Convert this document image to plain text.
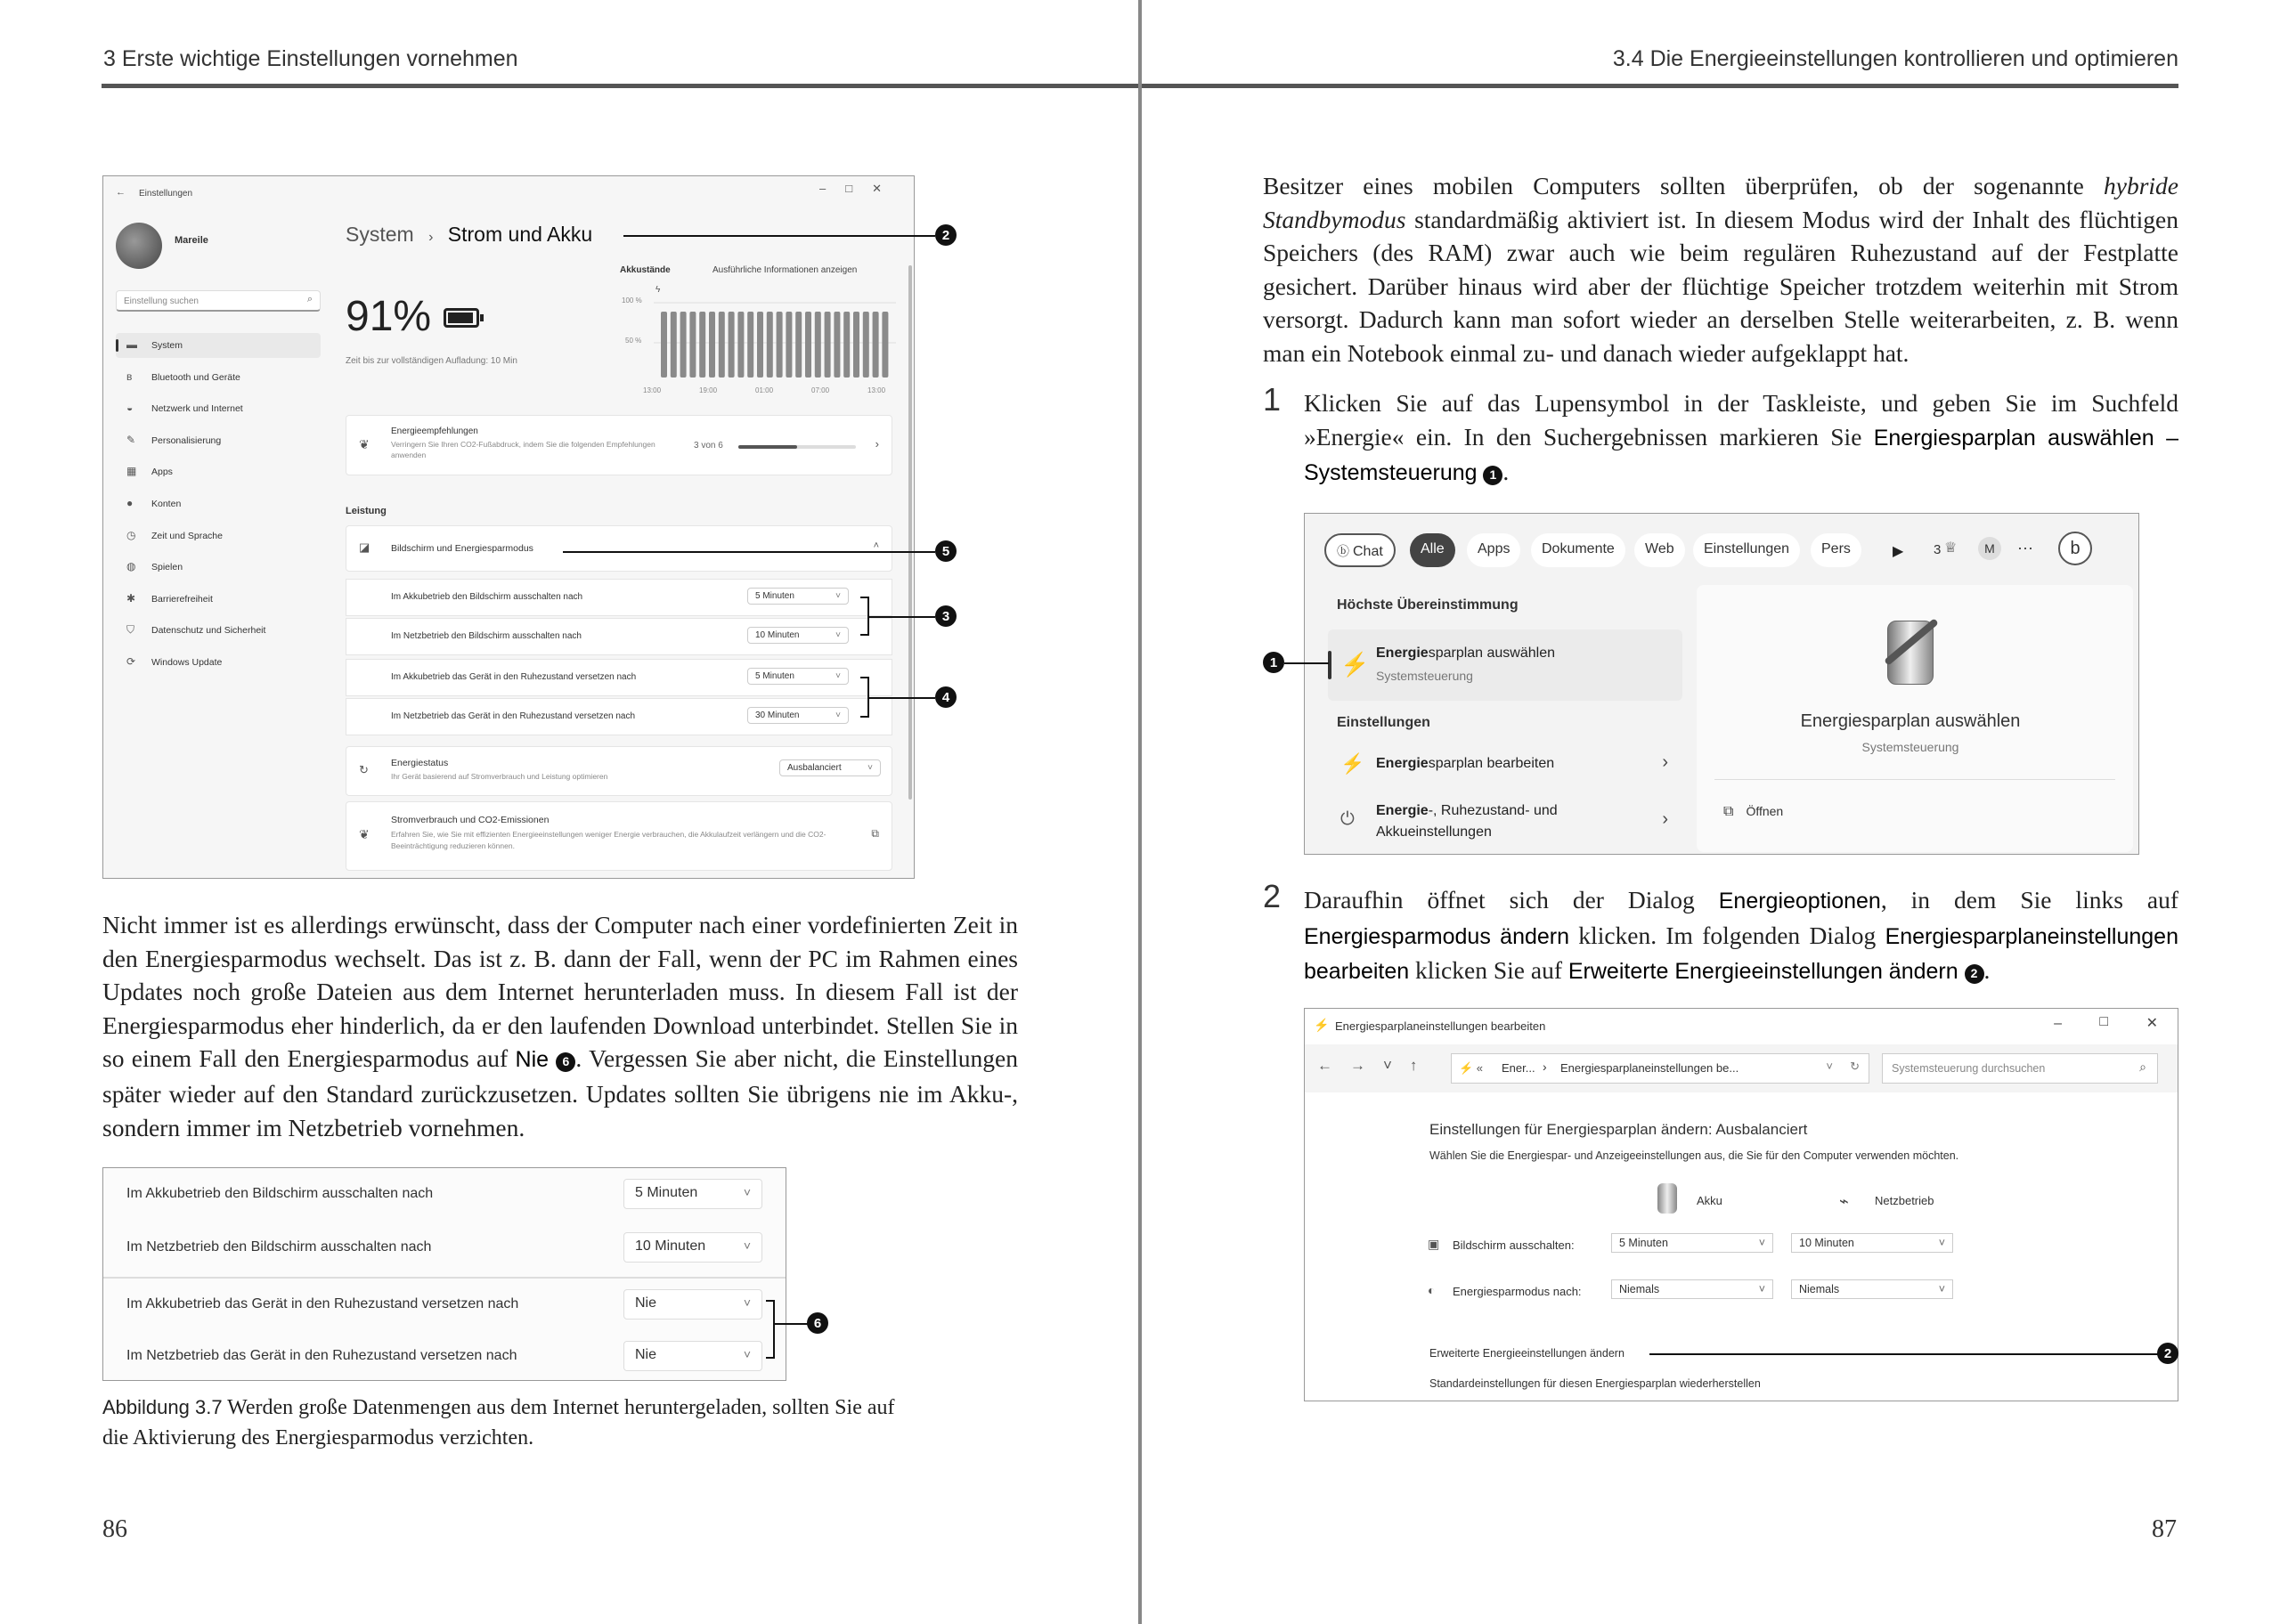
3 Erste wichtige Einstellungen vornehmen
← Einstellungen	–□✕
Mareile
Einstellung suchen	⌕
▬ System
ʙ Bluetooth und Geräte
◒ Netzwerk und Internet
✎ Personalisierung
▦ Apps
● Konten
◷ Zeit und Sprache
◍ Spielen
✱ Barrierefreiheit
⛉ Datenschutz und Sicherheit
⟳ Windows Update
System › Strom und Akku
91%
Zeit bis zur vollständigen Aufladung: 10 Min
Akkustände	Ausführliche Informationen anzeigen
100 %
50 %
ϟ
13:00	19:00	01:00	07:00	13:00
❦
Energieempfehlungen
Verringern Sie Ihren CO2-Fußabdruck, indem Sie die folgenden Empfehlungen anwenden
3 von 6	›
Leistung
◪ Bildschirm und Energiesparmodus	˄
Im Akkubetrieb den Bildschirm ausschalten nach	5 Minuten	˅
Im Netzbetrieb den Bildschirm ausschalten nach	10 Minuten	˅
Im Akkubetrieb das Gerät in den Ruhezustand versetzen nach	5 Minuten	˅
Im Netzbetrieb das Gerät in den Ruhezustand versetzen nach	30 Minuten	˅
↻ Energiestatus
Ihr Gerät basierend auf Stromverbrauch und Leistung optimieren
Ausbalanciert	˅
❦
Stromverbrauch und CO2-Emissionen
Erfahren Sie, wie Sie mit effizienten Energieeinstellungen weniger Energie verbrauchen, die Akkulaufzeit verlängern und die CO2-Beeinträchtigung reduzieren können.
⧉
2
5
3
4
Nicht immer ist es allerdings erwünscht, dass der Computer nach einer vordefinierten Zeit in den Energiesparmodus wechselt. Das ist z. B. dann der Fall, wenn der PC im Rahmen eines Updates noch große Dateien aus dem Internet herunterladen muss. In diesem Fall ist der Energiesparmodus eher hinderlich, da er den laufenden Download unterbindet. Stellen Sie in so einem Fall den Energiesparmodus auf Nie 6 . Vergessen Sie aber nicht, die Einstellungen später wieder auf den Standard zurückzusetzen. Updates sollten Sie übrigens nie im Akku-, sondern immer im Netzbetrieb vornehmen.
Im Akkubetrieb den Bildschirm ausschalten nach	5 Minuten	˅
Im Netzbetrieb den Bildschirm ausschalten nach	10 Minuten	˅
Im Akkubetrieb das Gerät in den Ruhezustand versetzen nach	Nie	˅
Im Netzbetrieb das Gerät in den Ruhezustand versetzen nach	Nie	˅
6
Abbildung 3.7 Werden große Datenmengen aus dem Internet heruntergeladen, sollten Sie auf die Aktivierung des Energiesparmodus verzichten.
86
3.4 Die Energieeinstellungen kontrollieren und optimieren
Besitzer eines mobilen Computers sollten überprüfen, ob der sogenannte hybride Standbymodus standardmäßig aktiviert ist. In diesem Modus wird der Inhalt des flüchtigen Speichers (des RAM) zwar auch wie beim regulären Ruhezustand auf der Festplatte gesichert. Darüber hinaus wird aber der flüchtige Speicher trotzdem weiterhin mit Strom versorgt. Dadurch kann man sofort wieder an derselben Stelle weiterarbeiten, z. B. wenn man ein Notebook einmal zu- und danach wieder aufgeklappt hat.
1 Klicken Sie auf das Lupensymbol in der Taskleiste, und geben Sie im Suchfeld »Energie« ein. In den Suchergebnissen markieren Sie Energiesparplan auswählen – Systemsteuerung 1 .
ⓑ Chat	Alle	Apps	Dokumente	Web	Einstellungen	Pers	▶ 3 ♕	M	···	b
Höchste Übereinstimmung
⚡ Energiesparplan auswählen
Systemsteuerung
Einstellungen
⚡ Energiesparplan bearbeiten	›
⏻ Energie-, Ruhezustand- und
Akkueinstellungen
›
Energiesparplan auswählen
Systemsteuerung
⧉ Öffnen
1
2 Daraufhin öffnet sich der Dialog Energieoptionen, in dem Sie links auf Energiesparmodus ändern klicken. Im folgenden Dialog Energiesparplaneinstellungen bearbeiten klicken Sie auf Erweiterte Energieeinstellungen ändern 2 .
⚡ Energiesparplaneinstellungen bearbeiten	–	□	✕
←→˅↑ ⚡ « Ener... › Energiesparplaneinstellungen be...	˅ ↻	Systemsteuerung durchsuchen	⌕
Einstellungen für Energiesparplan ändern: Ausbalanciert
Wählen Sie die Energiespar- und Anzeigeeinstellungen aus, die Sie für den Computer verwenden möchten.
Akku	⌁ Netzbetrieb
▣ Bildschirm ausschalten:	5 Minuten	˅	10 Minuten	˅
◐ Energiesparmodus nach:	Niemals	˅	Niemals	˅
Erweiterte Energieeinstellungen ändern
Standardeinstellungen für diesen Energiesparplan wiederherstellen
2
87
